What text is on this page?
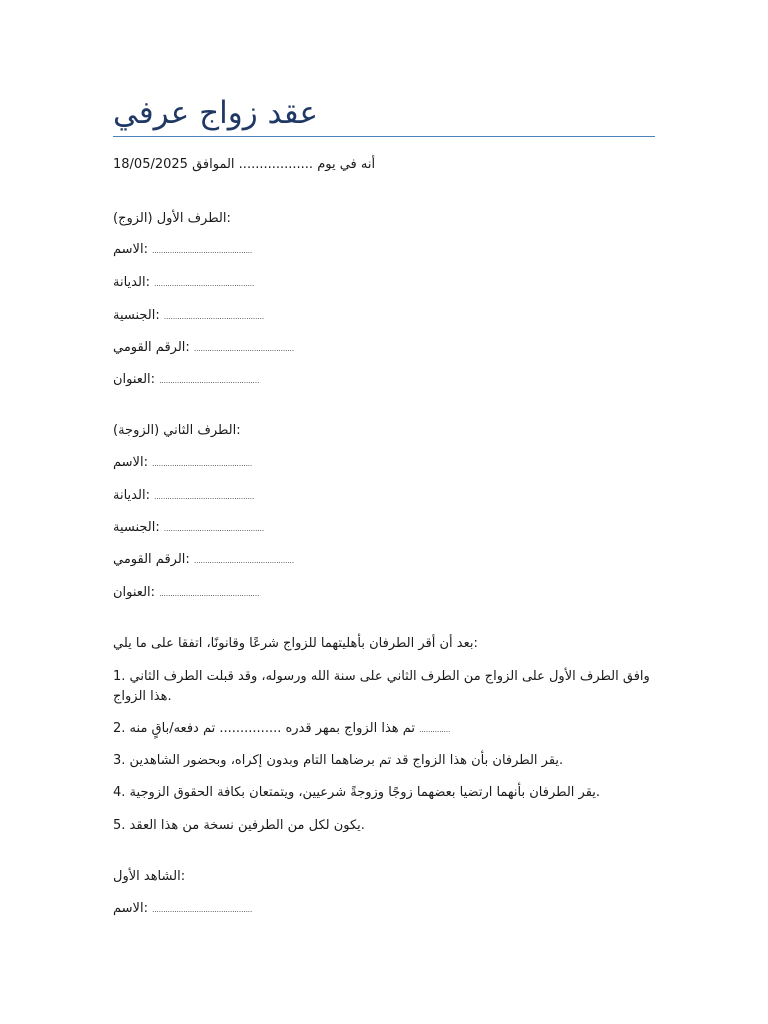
عقد زواج عرفي
أنه في يوم .................. الموافق 18/05/2025
الطرف الأول (الزوج):
الاسم: .............................................
الديانة: .............................................
الجنسية: .............................................
الرقم القومي: .............................................
العنوان: .............................................
الطرف الثاني (الزوجة):
الاسم: .............................................
الديانة: .............................................
الجنسية: .............................................
الرقم القومي: .............................................
العنوان: .............................................
بعد أن أقر الطرفان بأهليتهما للزواج شرعًا وقانونًا، اتفقا على ما يلي:
1. وافق الطرف الأول على الزواج من الطرف الثاني على سنة الله ورسوله، وقد قبلت الطرف الثاني هذا الزواج.
2. تم هذا الزواج بمهر قدره ............... تم دفعه/باقٍ منه ..............
3. يقر الطرفان بأن هذا الزواج قد تم برضاهما التام وبدون إكراه، وبحضور الشاهدين.
4. يقر الطرفان بأنهما ارتضيا بعضهما زوجًا وزوجةً شرعيين، ويتمتعان بكافة الحقوق الزوجية.
5. يكون لكل من الطرفين نسخة من هذا العقد.
الشاهد الأول:
الاسم: .............................................
